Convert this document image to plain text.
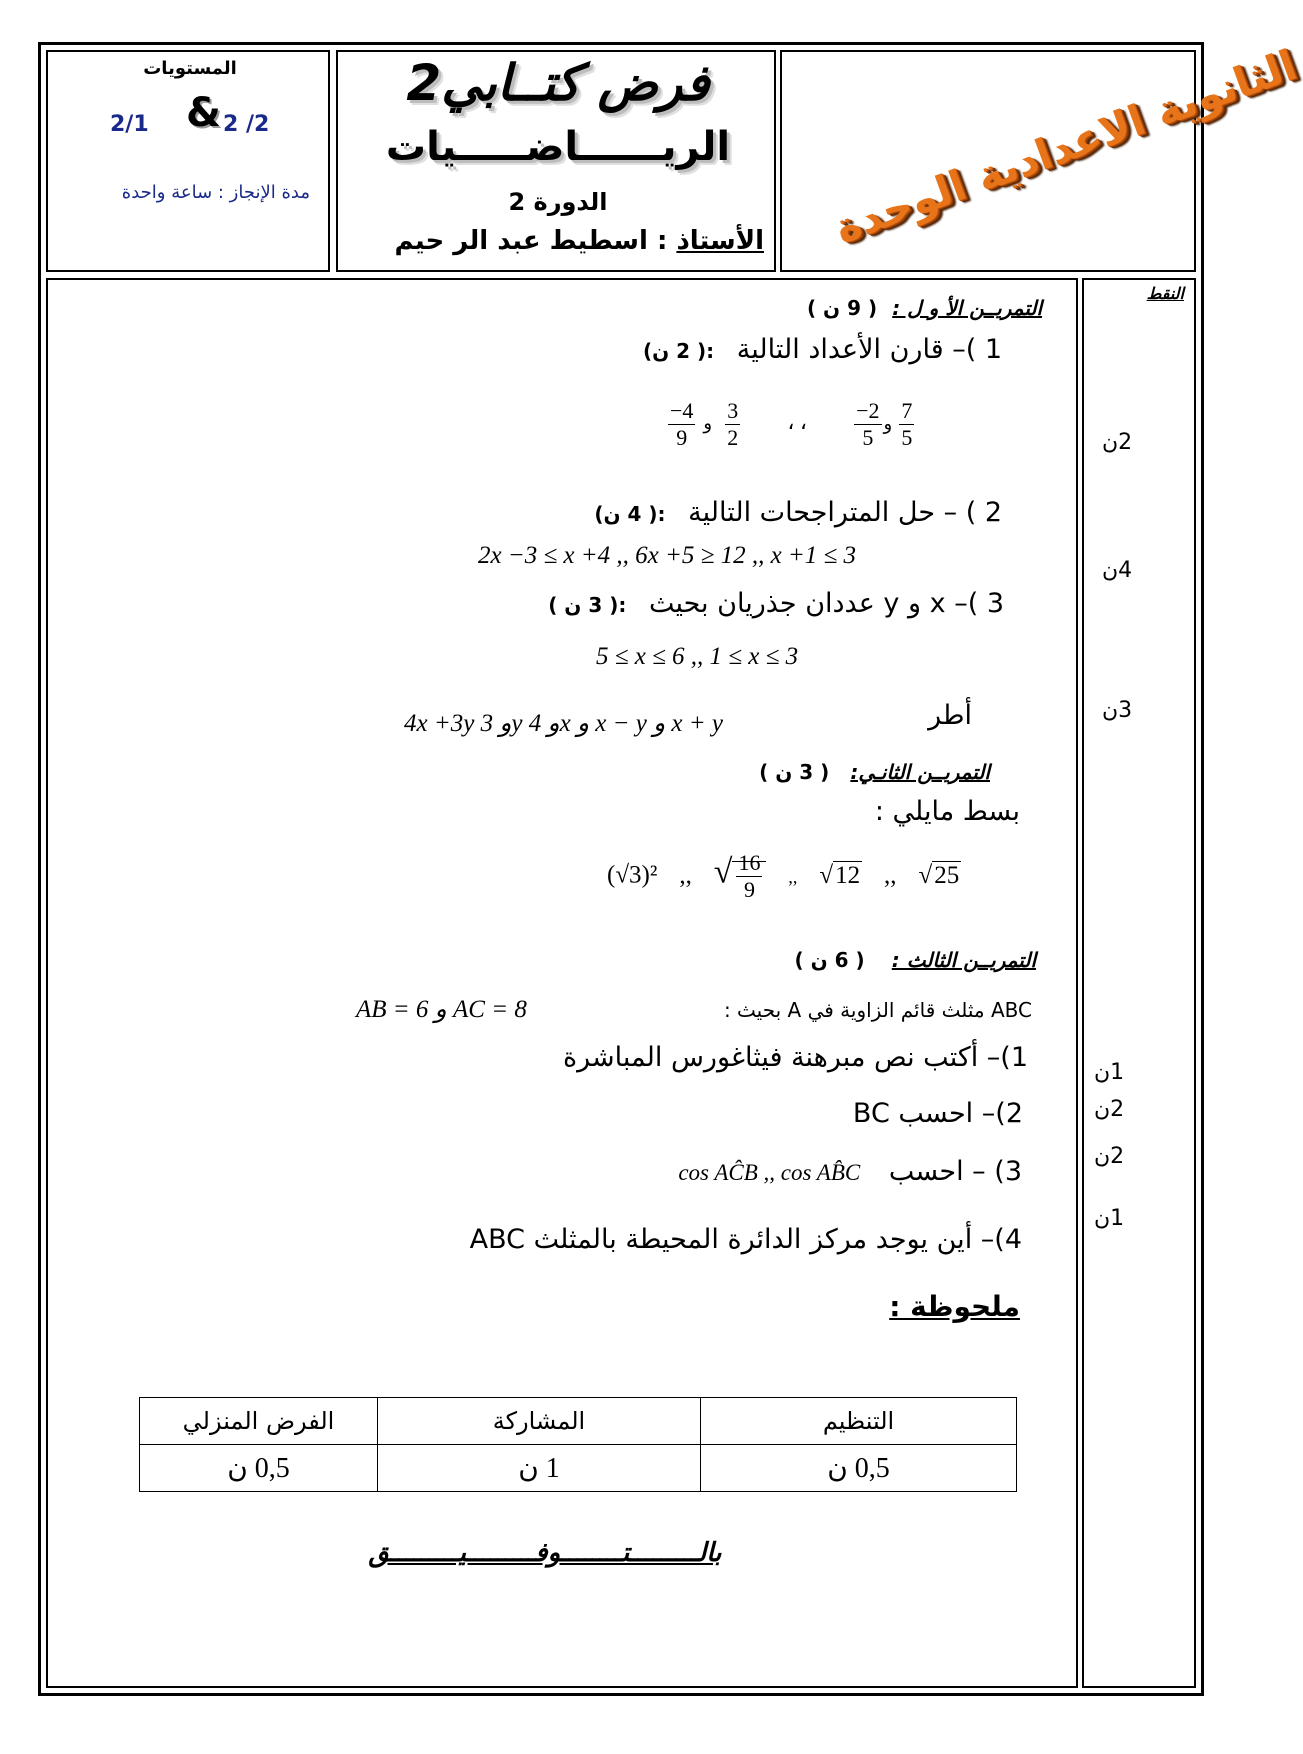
المستويات
2/1 & 2 /2
مدة الإنجاز : ساعة واحدة
فرض كتــابي2
الريــــــاضـــــيات
الدورة 2
الأستاذ : اسطيط عبد الر حيم	الثانوية الاعدادية الوحدة
النقط
التمريــن الأ و ل : ( 9 ن )
1 )– قارن الأعداد التالية :( 2 ن)
$\frac{-4}{9}$	و
$\frac{-2}{5}$
، ،
$\frac{3}{2}$
و	$\frac{7}{5}$
2 ) – حل المتراجحات التالية :( 4 ن)
2x −3 ≤ x +4 ,, 6x +5 ≥ 12 ,, x +1 ≤ 3
3 )– x و y عددان جذريان بحيث :( 3 ن )
5 ≤ x ≤ 6 ,, 1 ≤ x ≤ 3
أطر
4x +3y و 3y و 4x و x − y و x + y
التمريــن الثانـي: ( 3 ن )
بسط مايلي :
(√3)² ,, √ $\frac{16}{9}$ ,, √12 ,, √25
التمريــن الثالث : ( 6 ن )
ABC مثلث قائم الزاوية في A بحيث :
AB = 6 و AC = 8
1)– أكتب نص مبرهنة فيثاغورس المباشرة
2)– احسب BC
3) – احسب cos AĈB ,, cos AB̂C
4)– أين يوجد مركز الدائرة المحيطة بالمثلث ABC
2ن
4ن
3ن
1ن
2ن
2ن
1ن
ملحوظة :
الفرض المنزلي	المشاركة	التنظيم
0,5 ن	1 ن	0,5 ن
بالـــــــــتــــــــوفـــــــــيـــــــــق
